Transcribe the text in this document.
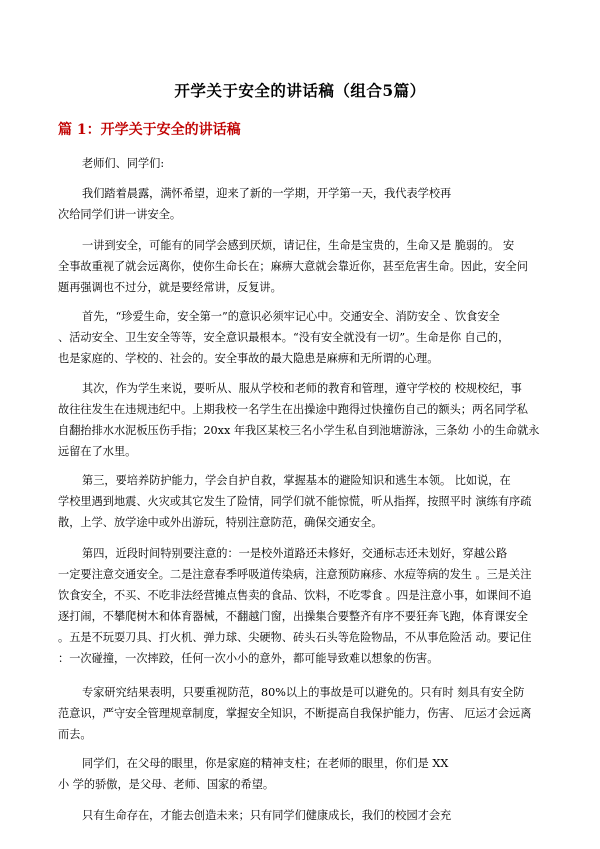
开学关于安全的讲话稿（组合5篇）
篇 1：开学关于安全的讲话稿
老师们、同学们:
我们踏着晨露，满怀希望，迎来了新的一学期，开学第一天，我代表学校再
次给同学们讲一讲安全。
一讲到安全，可能有的同学会感到厌烦，请记住，生命是宝贵的，生命又是 脆弱的。 安
全事故重视了就会远离你，使你生命长在；麻痹大意就会靠近你，甚至危害生命。因此，安全问
题再强调也不过分，就是要经常讲，反复讲。
首先，“珍爱生命，安全第一”的意识必须牢记心中。交通安全、消防安全 、饮食安全
、活动安全、卫生安全等等，安全意识最根本。“没有安全就没有一切”。生命是你 自己的，
也是家庭的、学校的、社会的。安全事故的最大隐患是麻痹和无所谓的心理。
其次，作为学生来说，要听从、服从学校和老师的教育和管理，遵守学校的 校规校纪，事
故往往发生在违规违纪中。上期我校一名学生在出操途中跑得过快撞伤自己的额头；两名同学私
自翻抬排水水泥板压伤手指；20xx 年我区某校三名小学生私自到池塘游泳，三条幼 小的生命就永
远留在了水里。
第三，要培养防护能力，学会自护自救，掌握基本的避险知识和逃生本领。 比如说，在
学校里遇到地震、火灾或其它发生了险情，同学们就不能惊慌，听从指挥，按照平时 演练有序疏
散，上学、放学途中或外出游玩，特别注意防范，确保交通安全。
第四，近段时间特别要注意的：一是校外道路还未修好，交通标志还未划好，穿越公路
一定要注意交通安全。二是注意春季呼吸道传染病，注意预防麻疹、水痘等病的发生 。三是关注
饮食安全，不买、不吃非法经营摊点售卖的食品、饮料，不吃零食 。四是注意小事，如课间不追
逐打闹，不攀爬树木和体育器械，不翻越门窗，出操集合要整齐有序不要狂奔飞跑，体育课安全
。五是不玩耍刀具、打火机、弹力球、尖硬物、砖头石头等危险物品，不从事危险活 动。要记住
：一次碰撞，一次摔跤，任何一次小小的意外，都可能导致难以想象的伤害。
专家研究结果表明，只要重视防范，80%以上的事故是可以避免的。只有时 刻具有安全防
范意识，严守安全管理规章制度，掌握安全知识，不断提高自我保护能力，伤害、 厄运才会远离
而去。
同学们，在父母的眼里，你是家庭的精神支柱；在老师的眼里，你们是 XX
小 学的骄傲，是父母、老师、国家的希望。
只有生命存在，才能去创造未来；只有同学们健康成长，我们的校园才会充
